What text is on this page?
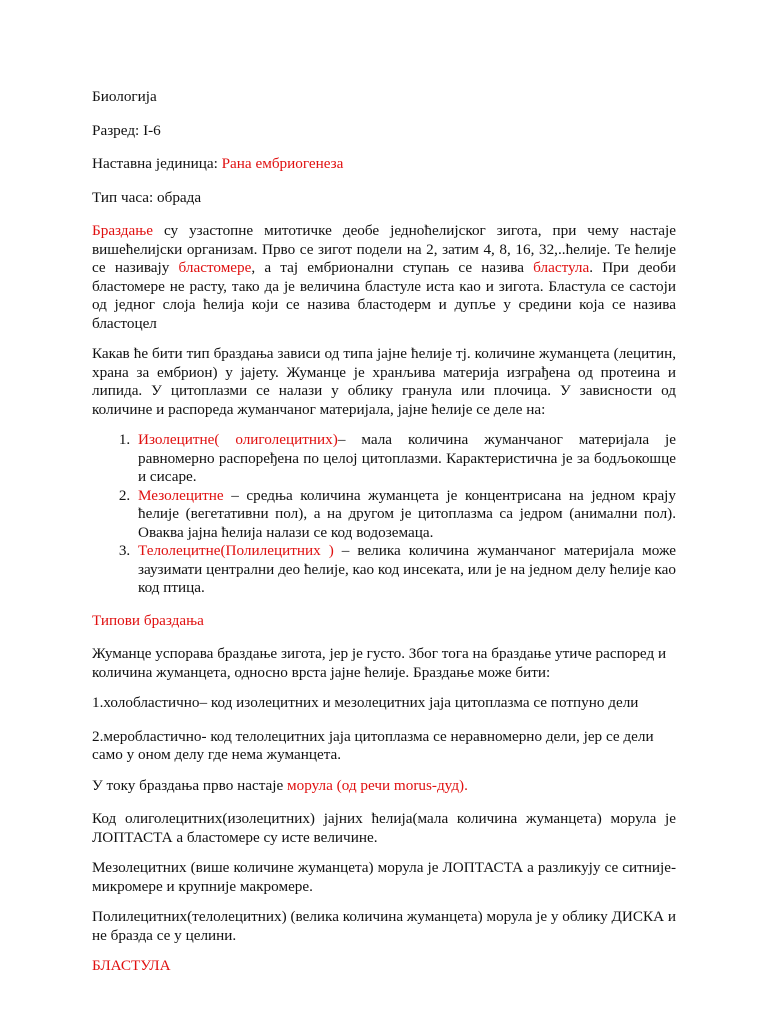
Биологија

Разред: I-6

Наставна јединица: Рана ембриогенеза

Тип часа: обрада

Браздање су узастопне митотичке деобе једноћелијског зигота, при чему настаје вишећелијски организам. Прво се зигот подели на 2, затим 4, 8, 16, 32,..ћелије. Те ћелије се називају бластомере, а тај ембрионални ступањ се назива бластула. При деоби бластомере не расту, тако да је величина бластуле иста као и зигота. Бластула се састоји од једног слоја ћелија који се назива бластодерм и дупље у средини која се назива бластоцел

Какав ће бити тип браздања зависи од типа јајне ћелије тј. количине жуманцета (лецитин, храна за ембрион) у јајету. Жуманце је хранљива материја изграђена од протеина и липида. У цитоплазми се налази у облику гранула или плочица. У зависности од количине и распореда жуманчаног материјала, јајне ћелије се деле на:

1. Изолецитне( олиголецитних)– мала количина жуманчаног материјала је равномерно распоређена по целој цитоплазми. Карактеристична је за бодљокошце и сисаре.
2. Мезолецитне – средња количина жуманцета је концентрисана на једном крају ћелије (вегетативни пол), а на другом је цитоплазма са једром (анимални пол). Оваква јајна ћелија налази се код водоземаца.
3. Телолецитне(Полилецитних ) – велика количина жуманчаног материјала може заузимати централни део ћелије, као код инсеката, или је на једном делу ћелије као код птица.

Типови браздања

Жуманце успорава браздање зигота, јер је густо. Због тога на браздање утиче распоред и количина жуманцета, односно врста јајне ћелије. Браздање може бити:

1.холобластично– код изолецитних и мезолецитних јаја цитоплазма се потпуно дели

2.меробластично- код телолецитних јаја цитоплазма се неравномерно дели, јер се дели само у оном делу где нема жуманцета.

У току браздања прво настаје морула (од речи morus-дуд).

Код олиголецитних(изолецитних) јајних ћелија(мала количина жуманцета) морула је ЛОПТАСТА а бластомере су исте величине.

Мезолецитних (више количине жуманцета) морула је ЛОПТАСТА а разликују се ситније- микромере и крупније макромере.

Полилецитних(телолецитних) (велика количина жуманцета) морула је у облику ДИСКА и не бразда се у целини.

БЛАСТУЛА
